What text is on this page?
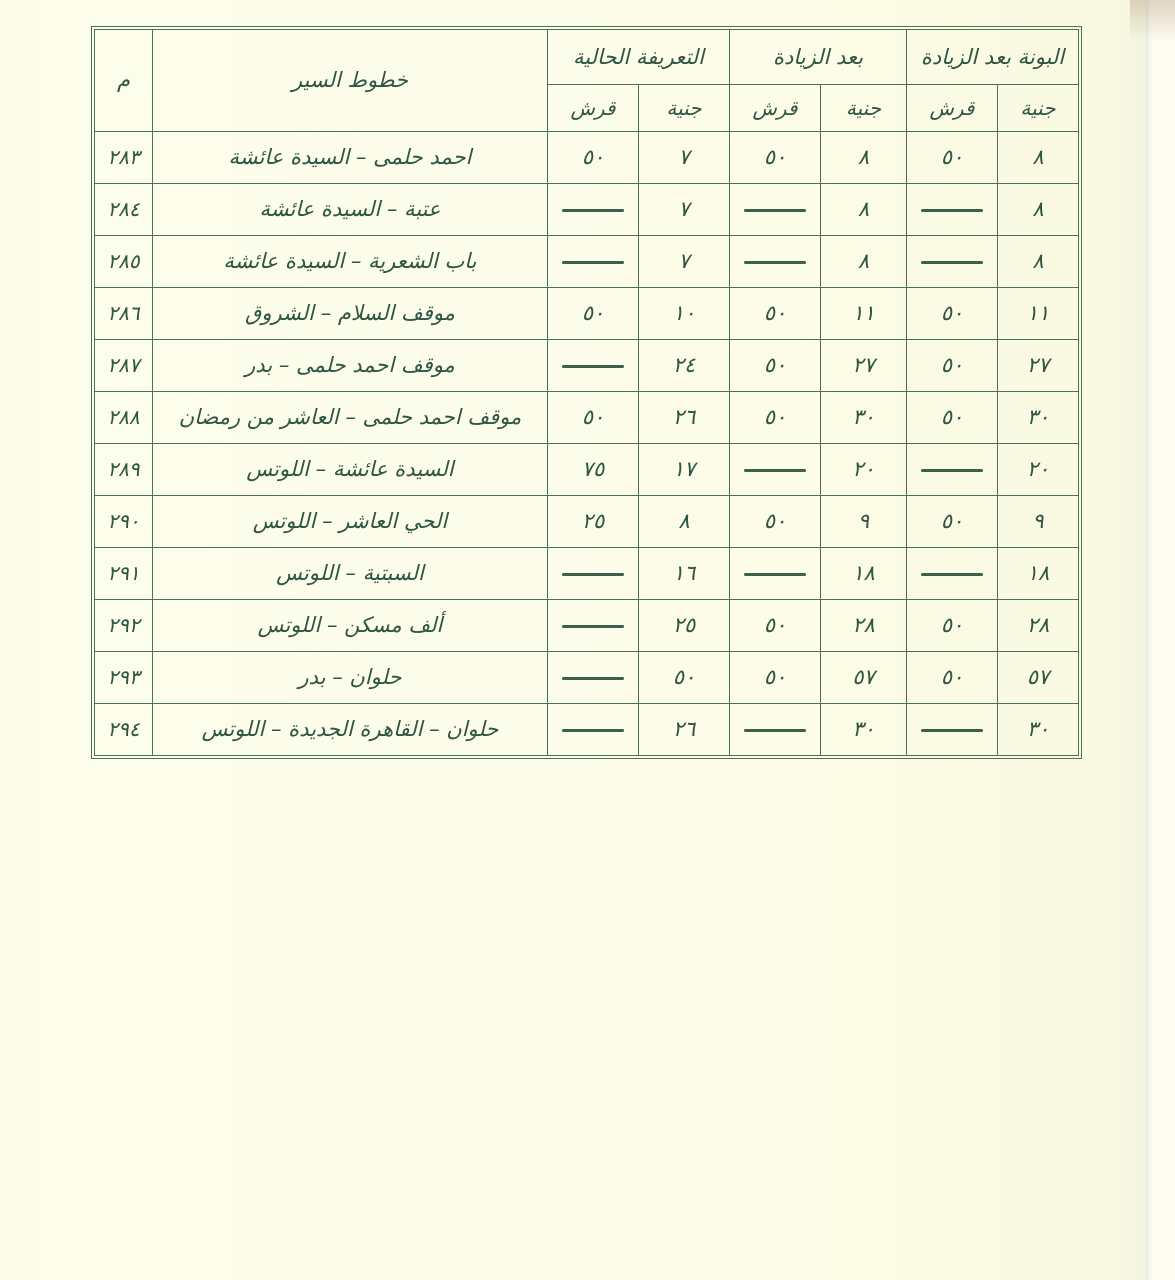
البونة بعد الزيادة		بعد الزيادة		التعريفة الحالية		خطوط السير	م
جنية	قرش	جنية	قرش	جنية	قرش		
٨	٥٠	٨	٥٠	٧	٥٠	احمد حلمى – السيدة عائشة	٢٨٣
٨		٨		٧		عتبة – السيدة عائشة	٢٨٤
٨		٨		٧		باب الشعرية – السيدة عائشة	٢٨٥
١١	٥٠	١١	٥٠	١٠	٥٠	موقف السلام – الشروق	٢٨٦
٢٧	٥٠	٢٧	٥٠	٢٤		موقف احمد حلمى – بدر	٢٨٧
٣٠	٥٠	٣٠	٥٠	٢٦	٥٠	موقف احمد حلمى – العاشر من رمضان	٢٨٨
٢٠		٢٠		١٧	٧٥	السيدة عائشة – اللوتس	٢٨٩
٩	٥٠	٩	٥٠	٨	٢٥	الحي العاشر – اللوتس	٢٩٠
١٨		١٨		١٦		السبتية – اللوتس	٢٩١
٢٨	٥٠	٢٨	٥٠	٢٥		ألف مسكن – اللوتس	٢٩٢
٥٧	٥٠	٥٧	٥٠	٥٠		حلوان – بدر	٢٩٣
٣٠		٣٠		٢٦		حلوان – القاهرة الجديدة – اللوتس	٢٩٤
